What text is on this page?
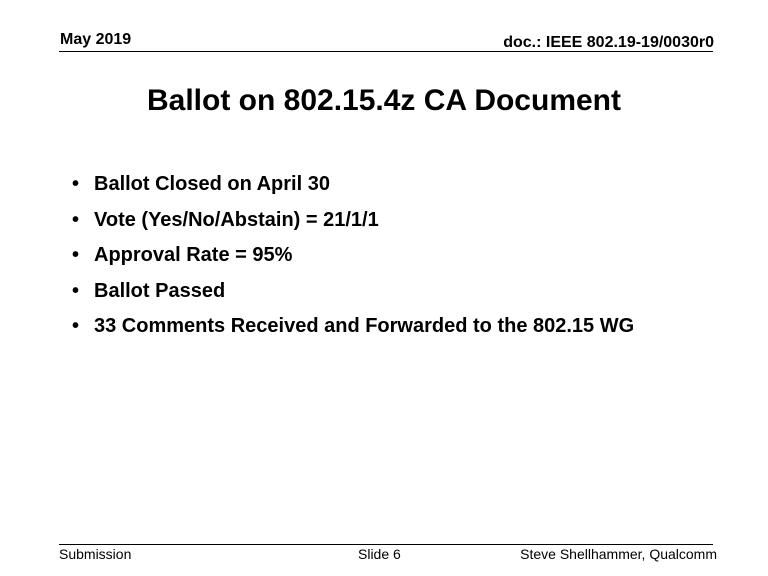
May 2019	doc.: IEEE 802.19-19/0030r0
Ballot on 802.15.4z CA Document
• Ballot Closed on April 30
• Vote (Yes/No/Abstain) = 21/1/1
• Approval Rate = 95%
• Ballot Passed
• 33 Comments Received and Forwarded to the 802.15 WG
Submission	Slide 6	Steve Shellhammer, Qualcomm
